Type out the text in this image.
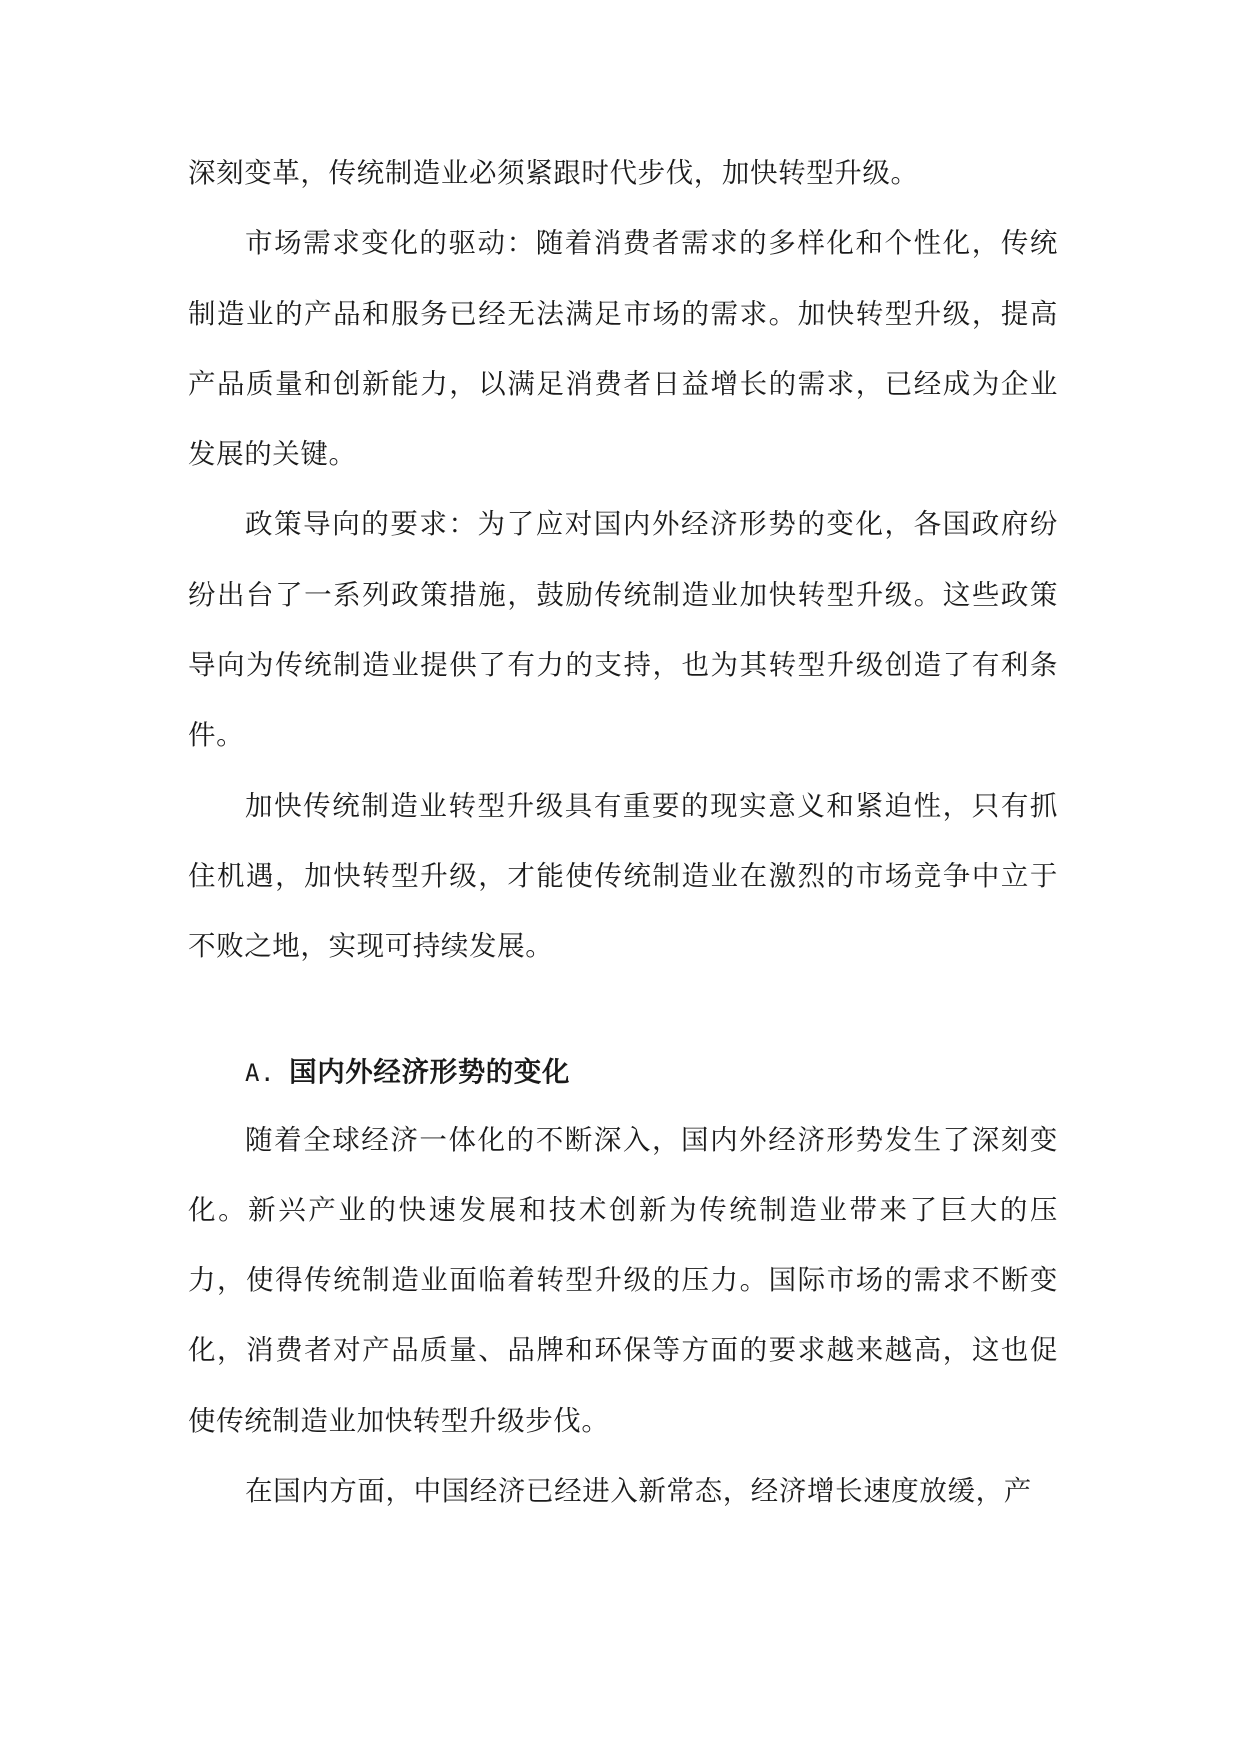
深刻变革，传统制造业必须紧跟时代步伐，加快转型升级。

市场需求变化的驱动：随着消费者需求的多样化和个性化，传统制造业的产品和服务已经无法满足市场的需求。加快转型升级，提高产品质量和创新能力，以满足消费者日益增长的需求，已经成为企业发展的关键。

政策导向的要求：为了应对国内外经济形势的变化，各国政府纷纷出台了一系列政策措施，鼓励传统制造业加快转型升级。这些政策导向为传统制造业提供了有力的支持，也为其转型升级创造了有利条件。

加快传统制造业转型升级具有重要的现实意义和紧迫性，只有抓住机遇，加快转型升级，才能使传统制造业在激烈的市场竞争中立于不败之地，实现可持续发展。

A. 国内外经济形势的变化

随着全球经济一体化的不断深入，国内外经济形势发生了深刻变化。新兴产业的快速发展和技术创新为传统制造业带来了巨大的压力，使得传统制造业面临着转型升级的压力。国际市场的需求不断变化，消费者对产品质量、品牌和环保等方面的要求越来越高，这也促使传统制造业加快转型升级步伐。

在国内方面，中国经济已经进入新常态，经济增长速度放缓，产
